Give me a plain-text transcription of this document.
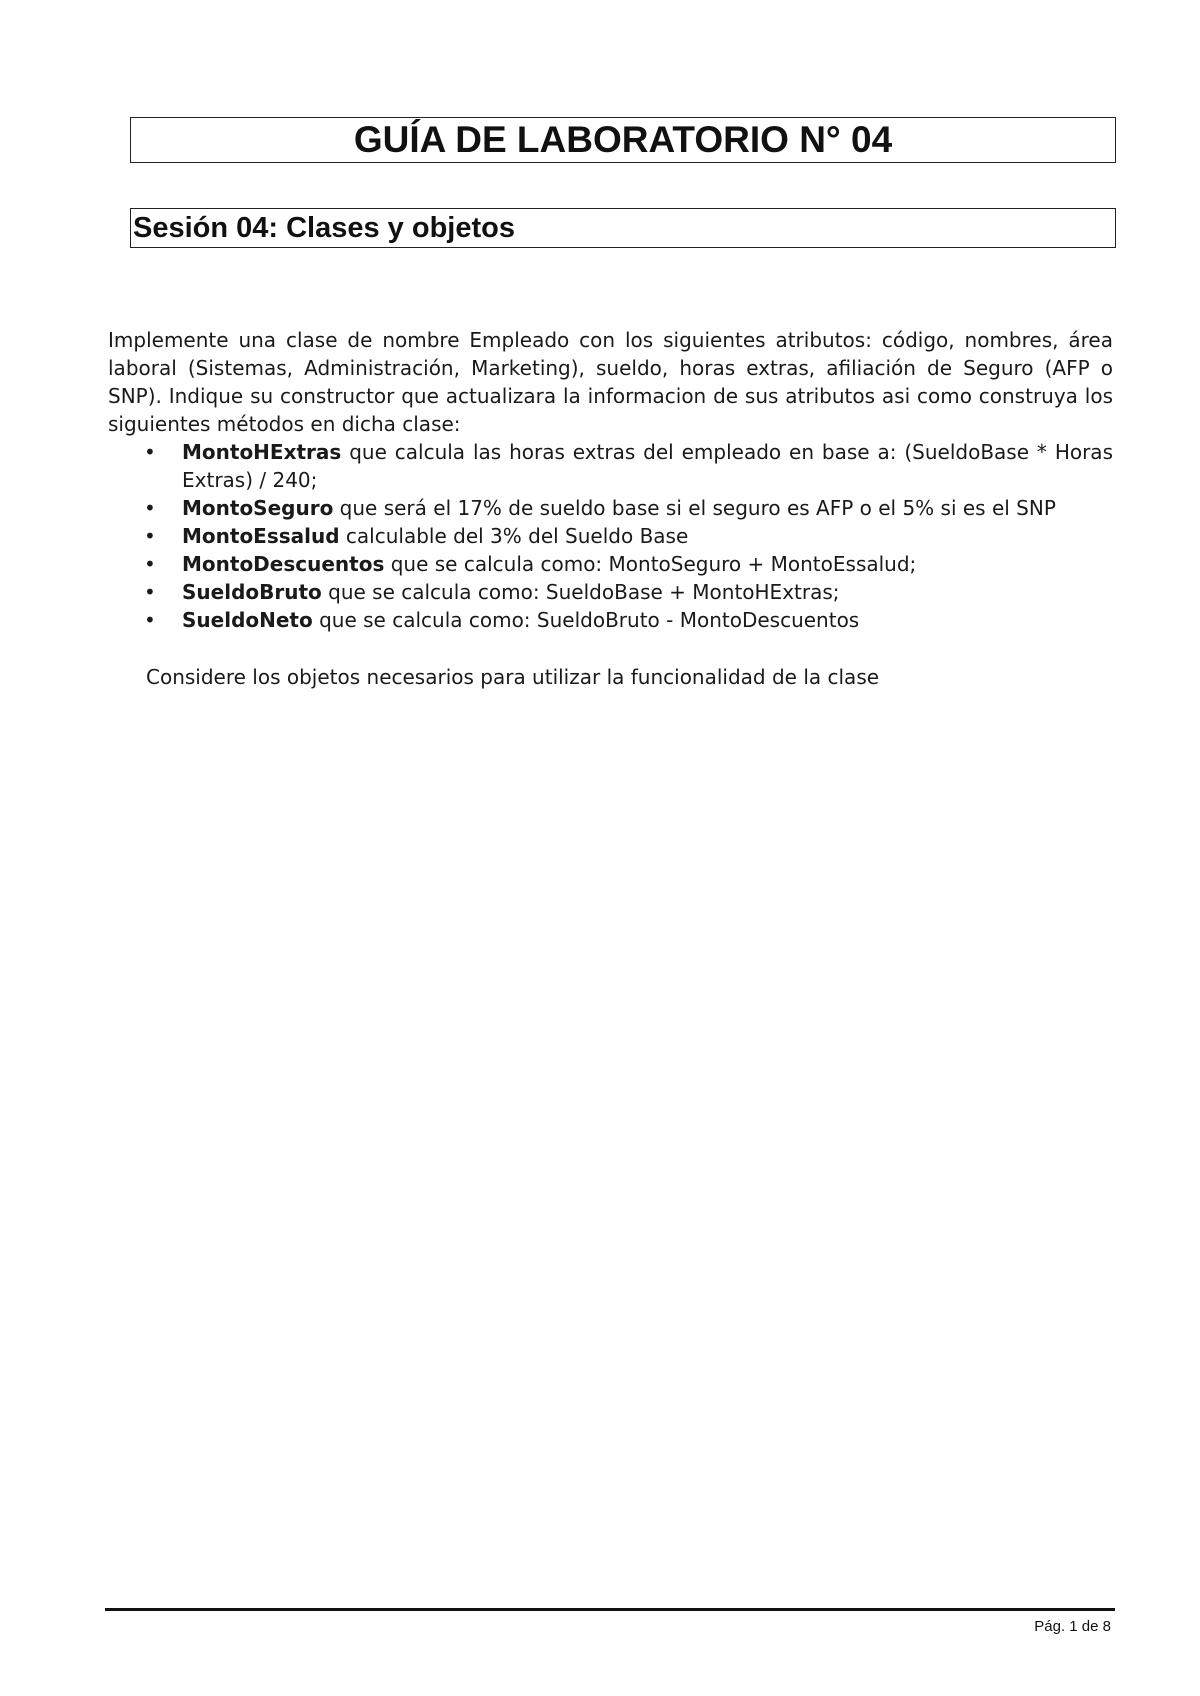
GUÍA DE LABORATORIO N° 04
Sesión 04: Clases y objetos

Implemente una clase de nombre Empleado con los siguientes atributos: código, nombres, área laboral (Sistemas, Administración, Marketing), sueldo, horas extras, afiliación de Seguro (AFP o SNP). Indique su constructor que actualizara la informacion de sus atributos asi como construya los siguientes métodos en dicha clase:

• MontoHExtras que calcula las horas extras del empleado en base a: (SueldoBase * Horas Extras) / 240;
• MontoSeguro que será el 17% de sueldo base si el seguro es AFP o el 5% si es el SNP
• MontoEssalud calculable del 3% del Sueldo Base
• MontoDescuentos que se calcula como: MontoSeguro + MontoEssalud;
• SueldoBruto que se calcula como: SueldoBase + MontoHExtras;
• SueldoNeto que se calcula como: SueldoBruto - MontoDescuentos

Considere los objetos necesarios para utilizar la funcionalidad de la clase

Pág. 1 de 8
